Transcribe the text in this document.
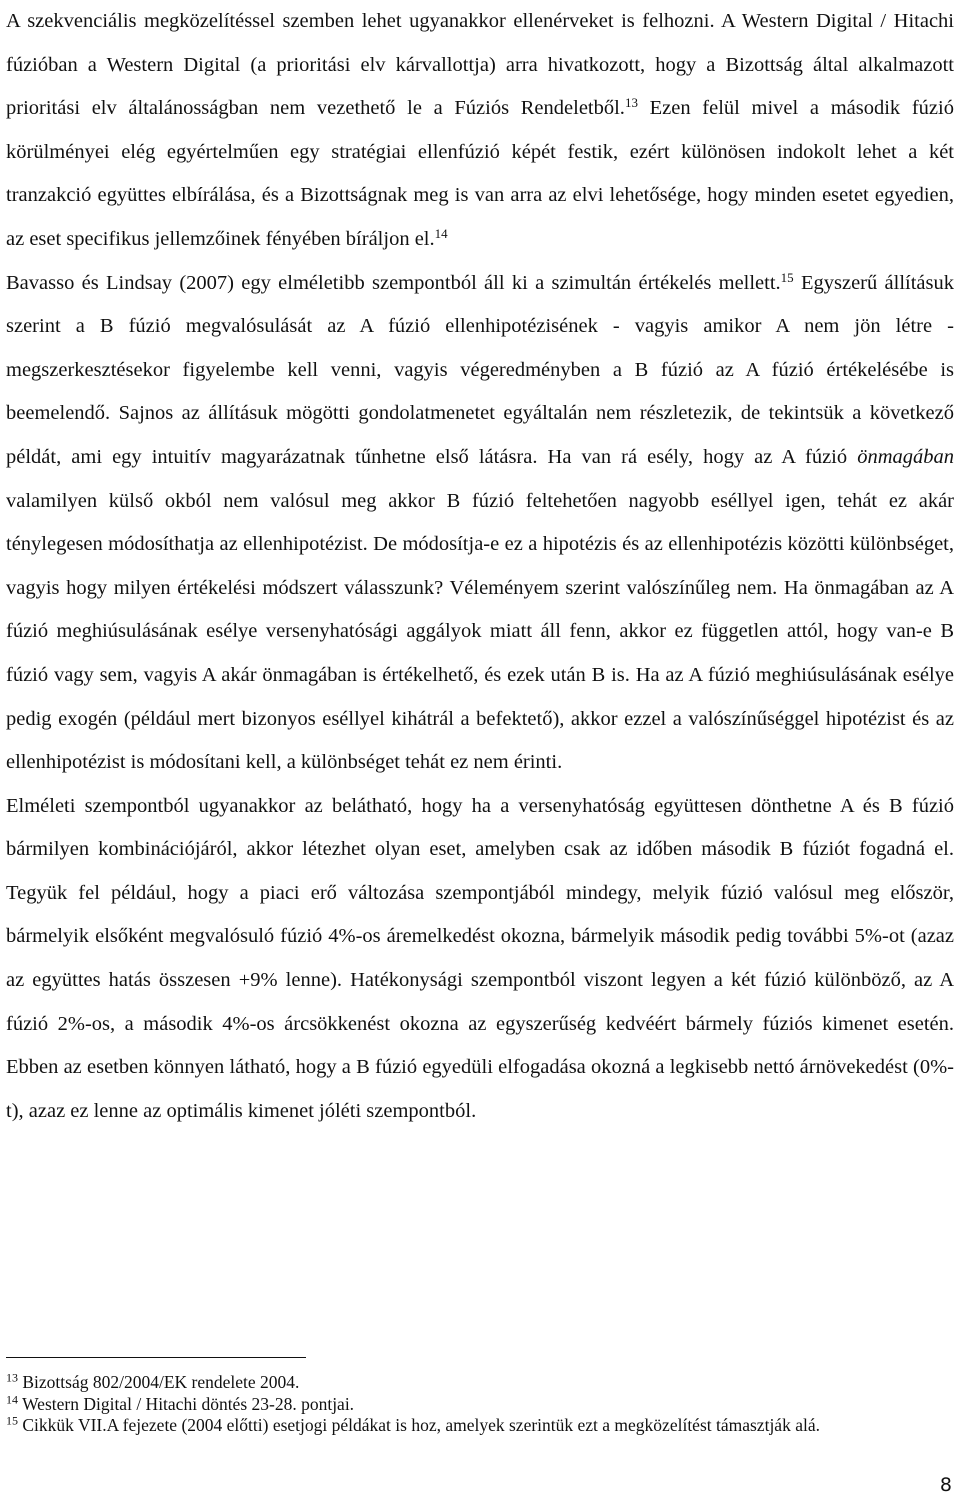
A szekvenciális megközelítéssel szemben lehet ugyanakkor ellenérveket is felhozni. A Western Digital / Hitachi fúzióban a Western Digital (a prioritási elv kárvallottja) arra hivatkozott, hogy a Bizottság által alkalmazott prioritási elv általánosságban nem vezethető le a Fúziós Rendeletből.$^{13}$ Ezen felül mivel a második fúzió körülményei elég egyértelműen egy stratégiai ellenfúzió képét festik, ezért különösen indokolt lehet a két tranzakció együttes elbírálása, és a Bizottságnak meg is van arra az elvi lehetősége, hogy minden esetet egyedien, az eset specifikus jellemzőinek fényében bíráljon el.$^{14}$
Bavasso és Lindsay (2007) egy elméletibb szempontból áll ki a szimultán értékelés mellett.$^{15}$ Egyszerű állításuk szerint a B fúzió megvalósulását az A fúzió ellenhipotézisének - vagyis amikor A nem jön létre - megszerkesztésekor figyelembe kell venni, vagyis végeredményben a B fúzió az A fúzió értékelésébe is beemelendő. Sajnos az állításuk mögötti gondolatmenetet egyáltalán nem részletezik, de tekintsük a következő példát, ami egy intuitív magyarázatnak tűnhetne első látásra. Ha van rá esély, hogy az A fúzió önmagában valamilyen külső okból nem valósul meg akkor B fúzió feltehetően nagyobb eséllyel igen, tehát ez akár ténylegesen módosíthatja az ellenhipotézist. De módosítja-e ez a hipotézis és az ellenhipotézis közötti különbséget, vagyis hogy milyen értékelési módszert válasszunk? Véleményem szerint valószínűleg nem. Ha önmagában az A fúzió meghiúsulásának esélye versenyhatósági aggályok miatt áll fenn, akkor ez független attól, hogy van-e B fúzió vagy sem, vagyis A akár önmagában is értékelhető, és ezek után B is. Ha az A fúzió meghiúsulásának esélye pedig exogén (például mert bizonyos eséllyel kihátrál a befektető), akkor ezzel a valószínűséggel hipotézist és az ellenhipotézist is módosítani kell, a különbséget tehát ez nem érinti.
Elméleti szempontból ugyanakkor az belátható, hogy ha a versenyhatóság együttesen dönthetne A és B fúzió bármilyen kombinációjáról, akkor létezhet olyan eset, amelyben csak az időben második B fúziót fogadná el. Tegyük fel például, hogy a piaci erő változása szempontjából mindegy, melyik fúzió valósul meg először, bármelyik elsőként megvalósuló fúzió 4%-os áremelkedést okozna, bármelyik második pedig további 5%-ot (azaz az együttes hatás összesen +9% lenne). Hatékonysági szempontból viszont legyen a két fúzió különböző, az A fúzió 2%-os, a második 4%-os árcsökkenést okozna az egyszerűség kedvéért bármely fúziós kimenet esetén. Ebben az esetben könnyen látható, hogy a B fúzió egyedüli elfogadása okozná a legkisebb nettó árnövekedést (0%-t), azaz ez lenne az optimális kimenet jóléti szempontból.
$^{13}$ Bizottság 802/2004/EK rendelete 2004.
$^{14}$ Western Digital / Hitachi döntés 23-28. pontjai.
$^{15}$ Cikkük VII.A fejezete (2004 előtti) esetjogi példákat is hoz, amelyek szerintük ezt a megközelítést támasztják alá.
8
